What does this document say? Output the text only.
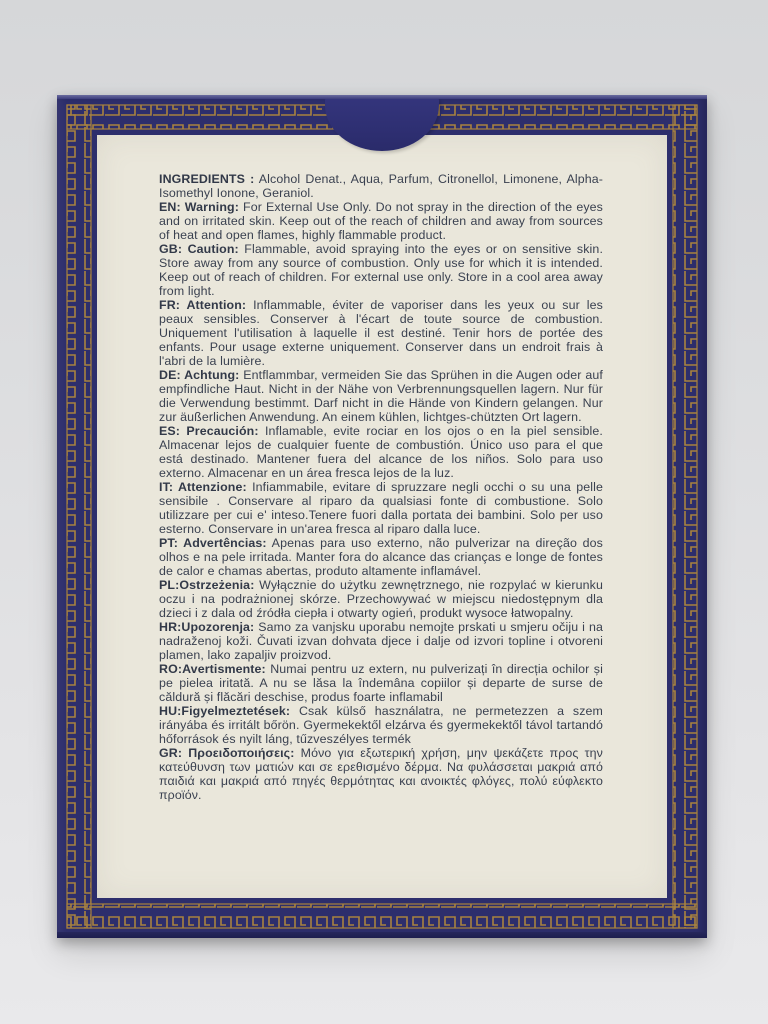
INGREDIENTS : Alcohol Denat., Aqua, Parfum, Citronellol, Limonene, Alpha-Isomethyl Ionone, Geraniol.

EN: Warning: For External Use Only. Do not spray in the direction of the eyes and on irritated skin. Keep out of the reach of children and away from sources of heat and open flames, highly flammable product.

GB: Caution: Flammable, avoid spraying into the eyes or on sensitive skin. Store away from any source of combustion. Only use for which it is intended. Keep out of reach of children. For external use only. Store in a cool area away from light.

FR: Attention: Inflammable, éviter de vaporiser dans les yeux ou sur les peaux sensibles. Conserver à l'écart de toute source de combustion. Uniquement l'utilisation à laquelle il est destiné. Tenir hors de portée des enfants. Pour usage externe uniquement. Conserver dans un endroit frais à l'abri de la lumière.

DE: Achtung: Entflammbar, vermeiden Sie das Sprühen in die Augen oder auf empfindliche Haut. Nicht in der Nähe von Verbrennungsquellen lagern. Nur für die Verwendung bestimmt. Darf nicht in die Hände von Kindern gelangen. Nur zur äußerlichen Anwendung. An einem kühlen, lichtges-chützten Ort lagern.

ES: Precaución: Inflamable, evite rociar en los ojos o en la piel sensible. Almacenar lejos de cualquier fuente de combustión. Único uso para el que está destinado. Mantener fuera del alcance de los niños. Solo para uso externo. Almacenar en un área fresca lejos de la luz.

IT: Attenzione: Infiammabile, evitare di spruzzare negli occhi o su una pelle sensibile . Conservare al riparo da qualsiasi fonte di combustione. Solo utilizzare per cui e' inteso.Tenere fuori dalla portata dei bambini. Solo per uso esterno. Conservare in un'area fresca al riparo dalla luce.

PT: Advertências: Apenas para uso externo, não pulverizar na direção dos olhos e na pele irritada. Manter fora do alcance das crianças e longe de fontes de calor e chamas abertas, produto altamente inflamável.

PL:Ostrzeżenia: Wyłącznie do użytku zewnętrznego, nie rozpylać w kierunku oczu i na podrażnionej skórze. Przechowywać w miejscu niedostępnym dla dzieci i z dala od źródła ciepła i otwarty ogień, produkt wysoce łatwopalny.

HR:Upozorenja: Samo za vanjsku uporabu nemojte prskati u smjeru očiju i na nadraženoj koži. Čuvati izvan dohvata djece i dalje od izvori topline i otvoreni plamen, lako zapaljiv proizvod.

RO:Avertismente: Numai pentru uz extern, nu pulverizați în direcția ochilor și pe pielea iritată. A nu se lăsa la îndemâna copiilor și departe de surse de căldură și flăcări deschise, produs foarte inflamabil

HU:Figyelmeztetések: Csak külső használatra, ne permetezzen a szem irányába és irritált bőrön. Gyermekektől elzárva és gyermekektől távol tartandó hőforrások és nyilt láng, tűzveszélyes termék

GR: Προειδοποιήσεις: Μόνο για εξωτερική χρήση, μην ψεκάζετε προς την κατεύθυνση των ματιών και σε ερεθισμένο δέρμα. Να φυλάσσεται μακριά από παιδιά και μακριά από πηγές θερμότητας και ανοικτές φλόγες, πολύ εύφλεκτο προϊόν.
